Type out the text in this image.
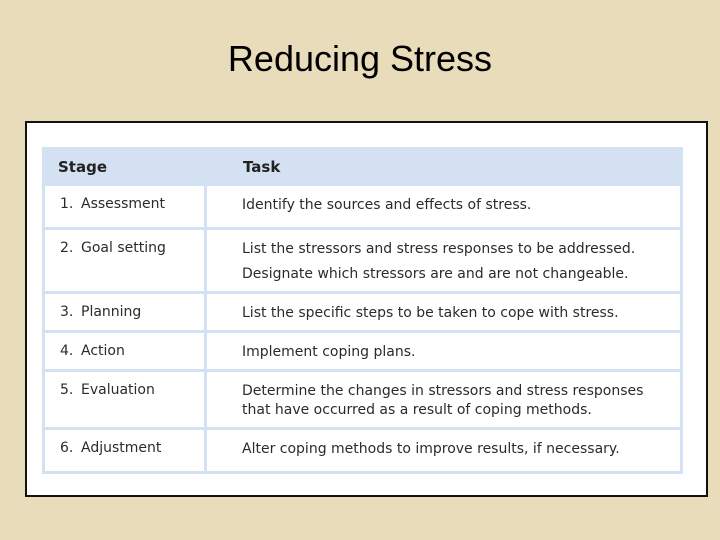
Reducing Stress
Stage	Task
1. Assessment	Identify the sources and effects of stress.

2. Goal setting	List the stressors and stress responses to be addressed.
Designate which stressors are and are not changeable.

3. Planning	List the specific steps to be taken to cope with stress.

4. Action	Implement coping plans.

5. Evaluation	Determine the changes in stressors and stress responses that have occurred as a result of coping methods.

6. Adjustment	Alter coping methods to improve results, if necessary.
